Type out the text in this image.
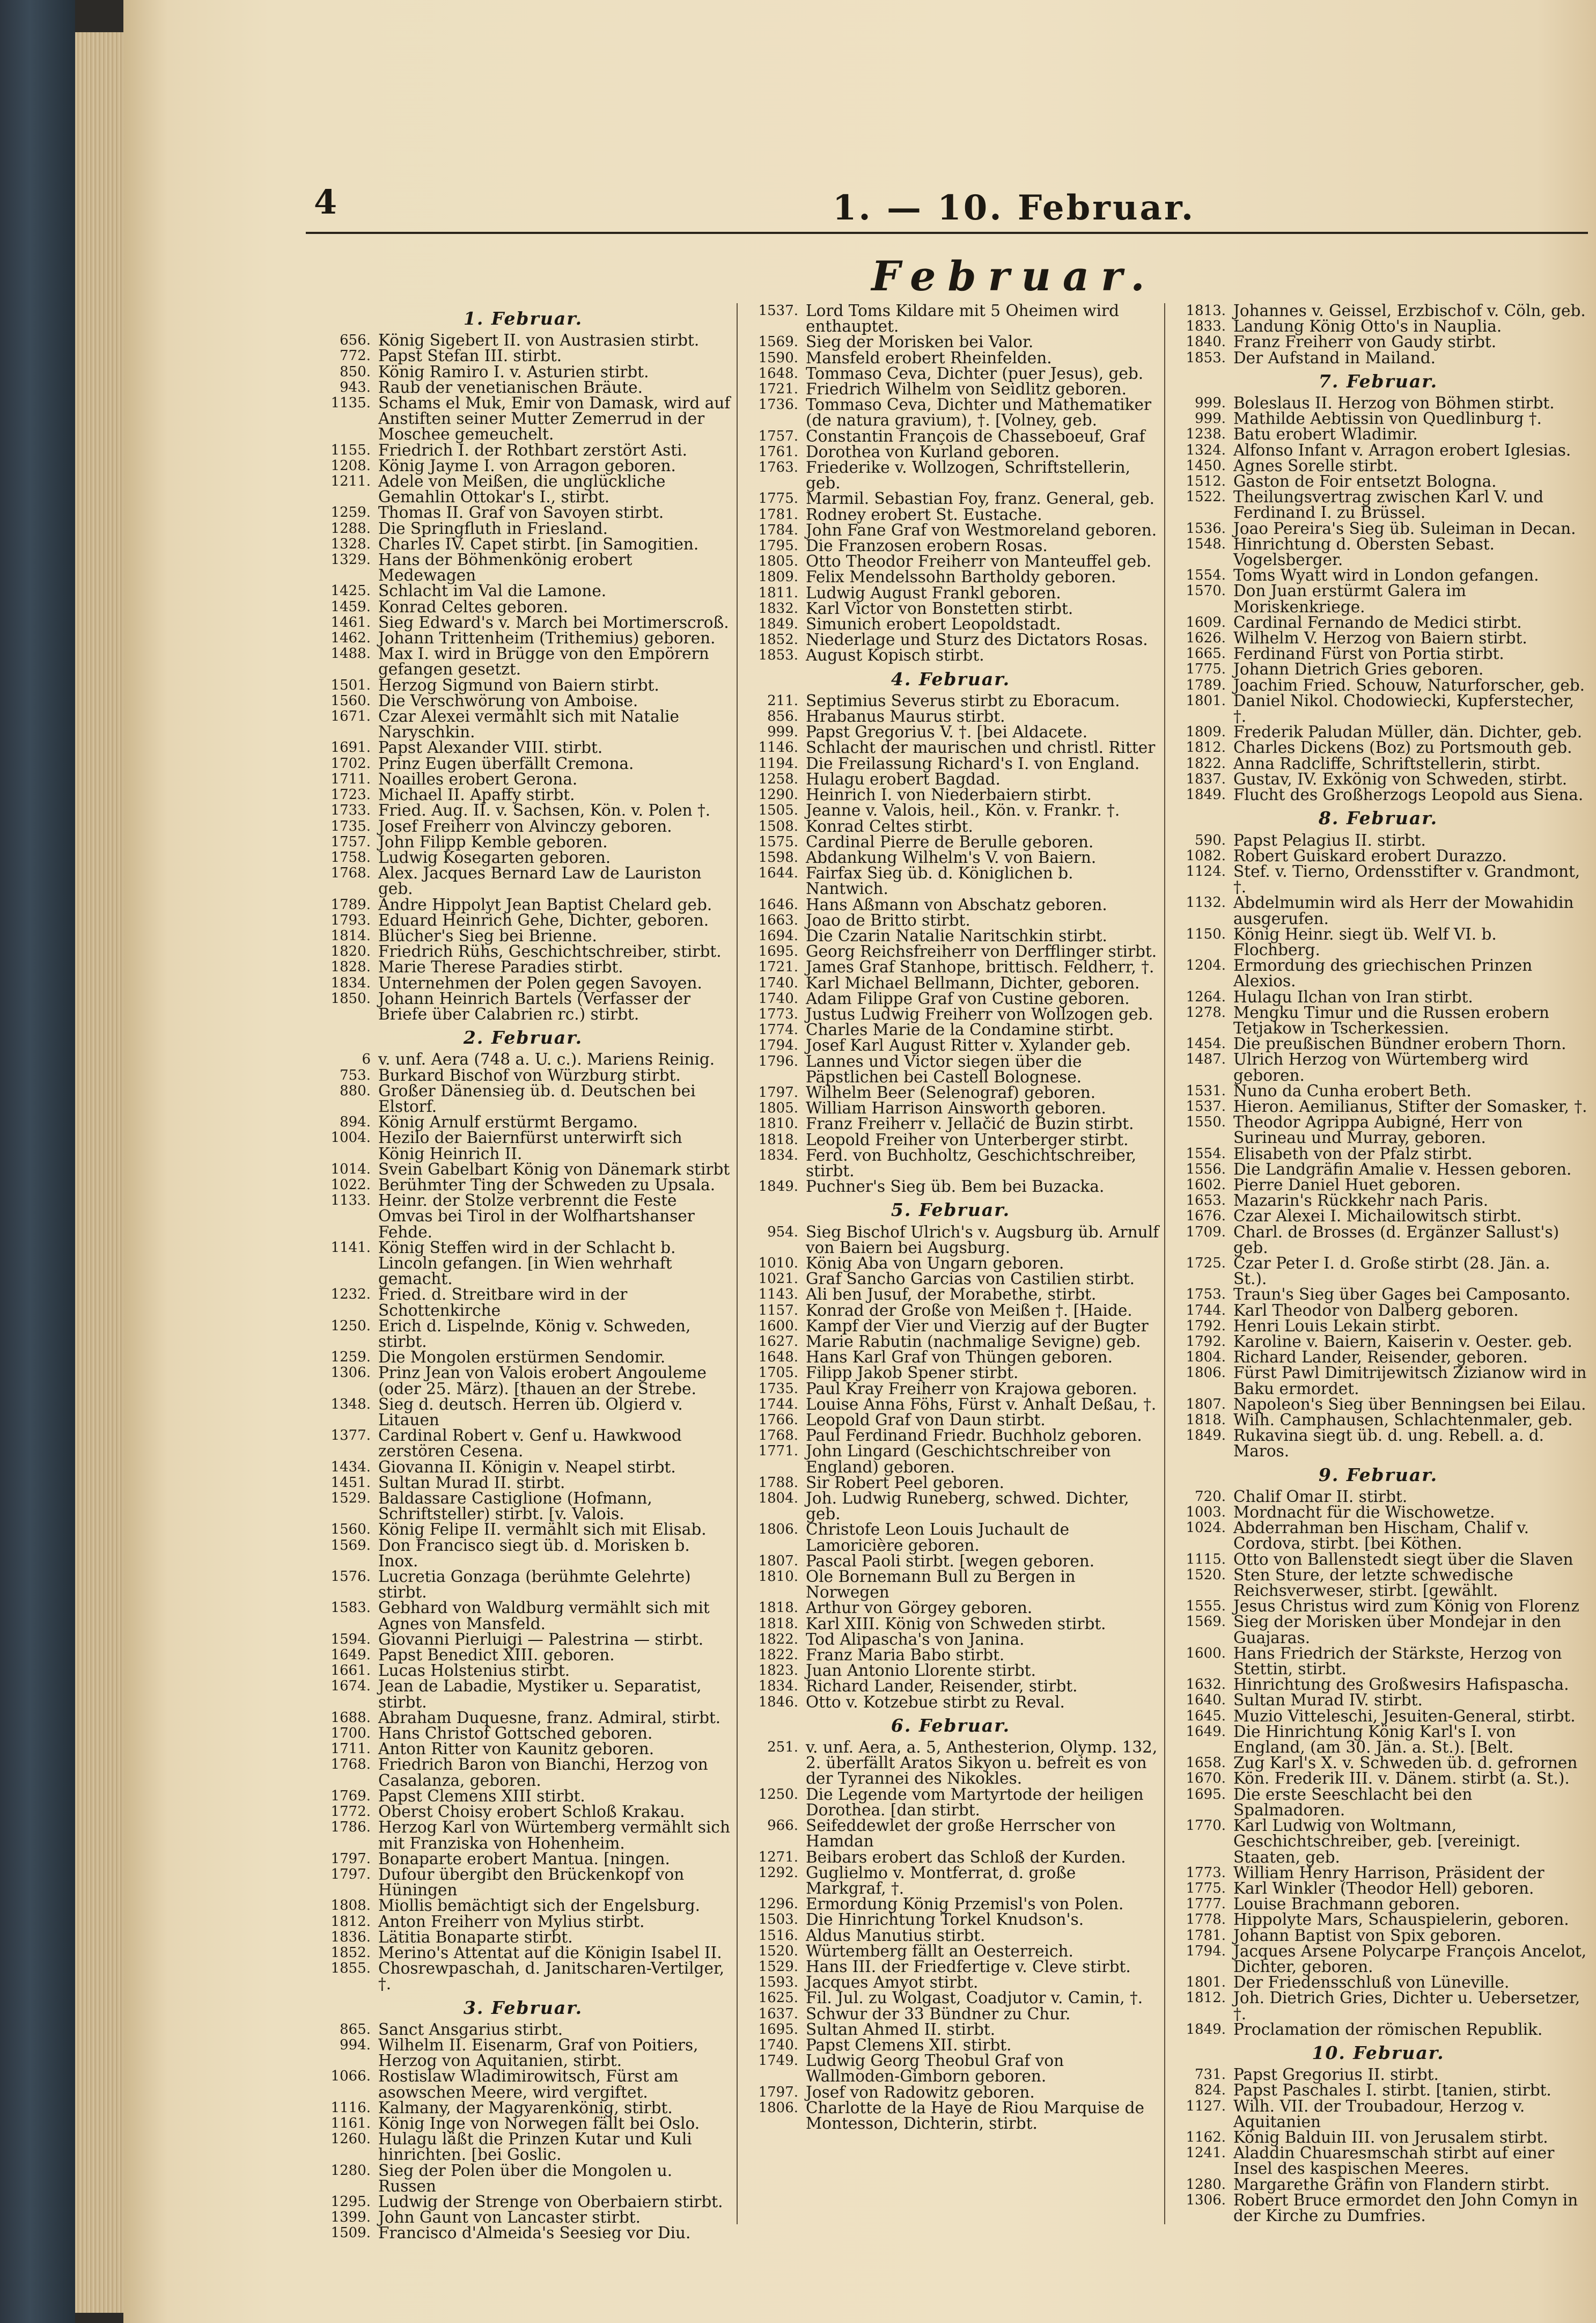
4	1. — 10. Februar.
Februar.
1. Februar.
656. König Sigebert II. von Austrasien stirbt.
772. Papst Stefan III. stirbt.
850. König Ramiro I. v. Asturien stirbt.
943. Raub der venetianischen Bräute.
1135. Schams el Muk, Emir von Damask, wird auf Anstiften seiner Mutter Zemerrud in der Moschee gemeuchelt.
1155. Friedrich I. der Rothbart zerstört Asti.
1208. König Jayme I. von Arragon geboren.
1211. Adele von Meißen, die unglückliche Gemahlin Ottokar's I., stirbt.
1259. Thomas II. Graf von Savoyen stirbt.
1288. Die Springfluth in Friesland.
1328. Charles IV. Capet stirbt. [in Samogitien.
1329. Hans der Böhmenkönig erobert Medewagen
1425. Schlacht im Val die Lamone.
1459. Konrad Celtes geboren.
1461. Sieg Edward's v. March bei Mortimerscroß.
1462. Johann Trittenheim (Trithemius) geboren.
1488. Max I. wird in Brügge von den Empörern gefangen gesetzt.
1501. Herzog Sigmund von Baiern stirbt.
1560. Die Verschwörung von Amboise.
1671. Czar Alexei vermählt sich mit Natalie Naryschkin.
1691. Papst Alexander VIII. stirbt.
1702. Prinz Eugen überfällt Cremona.
1711. Noailles erobert Gerona.
1723. Michael II. Apaffy stirbt.
1733. Fried. Aug. II. v. Sachsen, Kön. v. Polen †.
1735. Josef Freiherr von Alvinczy geboren.
1757. John Filipp Kemble geboren.
1758. Ludwig Kosegarten geboren.
1768. Alex. Jacques Bernard Law de Lauriston geb.
1789. Andre Hippolyt Jean Baptist Chelard geb.
1793. Eduard Heinrich Gehe, Dichter, geboren.
1814. Blücher's Sieg bei Brienne.
1820. Friedrich Rühs, Geschichtschreiber, stirbt.
1828. Marie Therese Paradies stirbt.
1834. Unternehmen der Polen gegen Savoyen.
1850. Johann Heinrich Bartels (Verfasser der Briefe über Calabrien rc.) stirbt.
2. Februar.
6 v. unf. Aera (748 a. U. c.). Mariens Reinig.
753. Burkard Bischof von Würzburg stirbt.
880. Großer Dänensieg üb. d. Deutschen bei Elstorf.
894. König Arnulf erstürmt Bergamo.
1004. Hezilo der Baiernfürst unterwirft sich König Heinrich II.
1014. Svein Gabelbart König von Dänemark stirbt
1022. Berühmter Ting der Schweden zu Upsala.
1133. Heinr. der Stolze verbrennt die Feste Omvas bei Tirol in der Wolfhartshanser Fehde.
1141. König Steffen wird in der Schlacht b. Lincoln gefangen. [in Wien wehrhaft gemacht.
1232. Fried. d. Streitbare wird in der Schottenkirche
1250. Erich d. Lispelnde, König v. Schweden, stirbt.
1259. Die Mongolen erstürmen Sendomir.
1306. Prinz Jean von Valois erobert Angouleme (oder 25. März). [thauen an der Strebe.
1348. Sieg d. deutsch. Herren üb. Olgierd v. Litauen
1377. Cardinal Robert v. Genf u. Hawkwood zerstören Cesena.
1434. Giovanna II. Königin v. Neapel stirbt.
1451. Sultan Murad II. stirbt.
1529. Baldassare Castiglione (Hofmann, Schriftsteller) stirbt. [v. Valois.
1560. König Felipe II. vermählt sich mit Elisab.
1569. Don Francisco siegt üb. d. Morisken b. Inox.
1576. Lucretia Gonzaga (berühmte Gelehrte) stirbt.
1583. Gebhard von Waldburg vermählt sich mit Agnes von Mansfeld.
1594. Giovanni Pierluigi — Palestrina — stirbt.
1649. Papst Benedict XIII. geboren.
1661. Lucas Holstenius stirbt.
1674. Jean de Labadie, Mystiker u. Separatist, stirbt.
1688. Abraham Duquesne, franz. Admiral, stirbt.
1700. Hans Christof Gottsched geboren.
1711. Anton Ritter von Kaunitz geboren.
1768. Friedrich Baron von Bianchi, Herzog von Casalanza, geboren.
1769. Papst Clemens XIII stirbt.
1772. Oberst Choisy erobert Schloß Krakau.
1786. Herzog Karl von Würtemberg vermählt sich mit Franziska von Hohenheim.
1797. Bonaparte erobert Mantua. [ningen.
1797. Dufour übergibt den Brückenkopf von Hüningen
1808. Miollis bemächtigt sich der Engelsburg.
1812. Anton Freiherr von Mylius stirbt.
1836. Lätitia Bonaparte stirbt.
1852. Merino's Attentat auf die Königin Isabel II.
1855. Chosrewpaschah, d. Janitscharen-Vertilger, †.
3. Februar.
865. Sanct Ansgarius stirbt.
994. Wilhelm II. Eisenarm, Graf von Poitiers, Herzog von Aquitanien, stirbt.
1066. Rostislaw Wladimirowitsch, Fürst am asowschen Meere, wird vergiftet.
1116. Kalmany, der Magyarenkönig, stirbt.
1161. König Inge von Norwegen fällt bei Oslo.
1260. Hulagu läßt die Prinzen Kutar und Kuli hinrichten. [bei Goslic.
1280. Sieg der Polen über die Mongolen u. Russen
1295. Ludwig der Strenge von Oberbaiern stirbt.
1399. John Gaunt von Lancaster stirbt.
1509. Francisco d'Almeida's Seesieg vor Diu.
1537. Lord Toms Kildare mit 5 Oheimen wird enthauptet.
1569. Sieg der Morisken bei Valor.
1590. Mansfeld erobert Rheinfelden.
1648. Tommaso Ceva, Dichter (puer Jesus), geb.
1721. Friedrich Wilhelm von Seidlitz geboren.
1736. Tommaso Ceva, Dichter und Mathematiker (de natura gravium), †. [Volney, geb.
1757. Constantin François de Chasseboeuf, Graf
1761. Dorothea von Kurland geboren.
1763. Friederike v. Wollzogen, Schriftstellerin, geb.
1775. Marmil. Sebastian Foy, franz. General, geb.
1781. Rodney erobert St. Eustache.
1784. John Fane Graf von Westmoreland geboren.
1795. Die Franzosen erobern Rosas.
1805. Otto Theodor Freiherr von Manteuffel geb.
1809. Felix Mendelssohn Bartholdy geboren.
1811. Ludwig August Frankl geboren.
1832. Karl Victor von Bonstetten stirbt.
1849. Simunich erobert Leopoldstadt.
1852. Niederlage und Sturz des Dictators Rosas.
1853. August Kopisch stirbt.
4. Februar.
211. Septimius Severus stirbt zu Eboracum.
856. Hrabanus Maurus stirbt.
999. Papst Gregorius V. †. [bei Aldacete.
1146. Schlacht der maurischen und christl. Ritter
1194. Die Freilassung Richard's I. von England.
1258. Hulagu erobert Bagdad.
1290. Heinrich I. von Niederbaiern stirbt.
1505. Jeanne v. Valois, heil., Kön. v. Frankr. †.
1508. Konrad Celtes stirbt.
1575. Cardinal Pierre de Berulle geboren.
1598. Abdankung Wilhelm's V. von Baiern.
1644. Fairfax Sieg üb. d. Königlichen b. Nantwich.
1646. Hans Aßmann von Abschatz geboren.
1663. Joao de Britto stirbt.
1694. Die Czarin Natalie Naritschkin stirbt.
1695. Georg Reichsfreiherr von Derfflinger stirbt.
1721. James Graf Stanhope, brittisch. Feldherr, †.
1740. Karl Michael Bellmann, Dichter, geboren.
1740. Adam Filippe Graf von Custine geboren.
1773. Justus Ludwig Freiherr von Wollzogen geb.
1774. Charles Marie de la Condamine stirbt.
1794. Josef Karl August Ritter v. Xylander geb.
1796. Lannes und Victor siegen über die Päpstlichen bei Castell Bolognese.
1797. Wilhelm Beer (Selenograf) geboren.
1805. William Harrison Ainsworth geboren.
1810. Franz Freiherr v. Jellačić de Buzin stirbt.
1818. Leopold Freiher von Unterberger stirbt.
1834. Ferd. von Buchholtz, Geschichtschreiber, stirbt.
1849. Puchner's Sieg üb. Bem bei Buzacka.
5. Februar.
954. Sieg Bischof Ulrich's v. Augsburg üb. Arnulf von Baiern bei Augsburg.
1010. König Aba von Ungarn geboren.
1021. Graf Sancho Garcias von Castilien stirbt.
1143. Ali ben Jusuf, der Morabethe, stirbt.
1157. Konrad der Große von Meißen †. [Haide.
1600. Kampf der Vier und Vierzig auf der Bugter
1627. Marie Rabutin (nachmalige Sevigne) geb.
1648. Hans Karl Graf von Thüngen geboren.
1705. Filipp Jakob Spener stirbt.
1735. Paul Kray Freiherr von Krajowa geboren.
1744. Louise Anna Föhs, Fürst v. Anhalt Deßau, †.
1766. Leopold Graf von Daun stirbt.
1768. Paul Ferdinand Friedr. Buchholz geboren.
1771. John Lingard (Geschichtschreiber von England) geboren.
1788. Sir Robert Peel geboren.
1804. Joh. Ludwig Runeberg, schwed. Dichter, geb.
1806. Christofe Leon Louis Juchault de Lamoricière geboren.
1807. Pascal Paoli stirbt. [wegen geboren.
1810. Ole Bornemann Bull zu Bergen in Norwegen
1818. Arthur von Görgey geboren.
1818. Karl XIII. König von Schweden stirbt.
1822. Tod Alipascha's von Janina.
1822. Franz Maria Babo stirbt.
1823. Juan Antonio Llorente stirbt.
1834. Richard Lander, Reisender, stirbt.
1846. Otto v. Kotzebue stirbt zu Reval.
6. Februar.
251. v. unf. Aera, a. 5, Anthesterion, Olymp. 132, 2. überfällt Aratos Sikyon u. befreit es von der Tyrannei des Nikokles.
1250. Die Legende vom Martyrtode der heiligen Dorothea. [dan stirbt.
966. Seifeddewlet der große Herrscher von Hamdan
1271. Beibars erobert das Schloß der Kurden.
1292. Guglielmo v. Montferrat, d. große Markgraf, †.
1296. Ermordung König Przemisl's von Polen.
1503. Die Hinrichtung Torkel Knudson's.
1516. Aldus Manutius stirbt.
1520. Würtemberg fällt an Oesterreich.
1529. Hans III. der Friedfertige v. Cleve stirbt.
1593. Jacques Amyot stirbt.
1625. Fil. Jul. zu Wolgast, Coadjutor v. Camin, †.
1637. Schwur der 33 Bündner zu Chur.
1695. Sultan Ahmed II. stirbt.
1740. Papst Clemens XII. stirbt.
1749. Ludwig Georg Theobul Graf von Wallmoden-Gimborn geboren.
1797. Josef von Radowitz geboren.
1806. Charlotte de la Haye de Riou Marquise de Montesson, Dichterin, stirbt.
1813. Johannes v. Geissel, Erzbischof v. Cöln, geb.
1833. Landung König Otto's in Nauplia.
1840. Franz Freiherr von Gaudy stirbt.
1853. Der Aufstand in Mailand.
7. Februar.
999. Boleslaus II. Herzog von Böhmen stirbt.
999. Mathilde Aebtissin von Quedlinburg †.
1238. Batu erobert Wladimir.
1324. Alfonso Infant v. Arragon erobert Iglesias.
1450. Agnes Sorelle stirbt.
1512. Gaston de Foir entsetzt Bologna.
1522. Theilungsvertrag zwischen Karl V. und Ferdinand I. zu Brüssel.
1536. Joao Pereira's Sieg üb. Suleiman in Decan.
1548. Hinrichtung d. Obersten Sebast. Vogelsberger.
1554. Toms Wyatt wird in London gefangen.
1570. Don Juan erstürmt Galera im Moriskenkriege.
1609. Cardinal Fernando de Medici stirbt.
1626. Wilhelm V. Herzog von Baiern stirbt.
1665. Ferdinand Fürst von Portia stirbt.
1775. Johann Dietrich Gries geboren.
1789. Joachim Fried. Schouw, Naturforscher, geb.
1801. Daniel Nikol. Chodowiecki, Kupferstecher, †.
1809. Frederik Paludan Müller, dän. Dichter, geb.
1812. Charles Dickens (Boz) zu Portsmouth geb.
1822. Anna Radcliffe, Schriftstellerin, stirbt.
1837. Gustav, IV. Exkönig von Schweden, stirbt.
1849. Flucht des Großherzogs Leopold aus Siena.
8. Februar.
590. Papst Pelagius II. stirbt.
1082. Robert Guiskard erobert Durazzo.
1124. Stef. v. Tierno, Ordensstifter v. Grandmont, †.
1132. Abdelmumin wird als Herr der Mowahidin ausgerufen.
1150. König Heinr. siegt üb. Welf VI. b. Flochberg.
1204. Ermordung des griechischen Prinzen Alexios.
1264. Hulagu Ilchan von Iran stirbt.
1278. Mengku Timur und die Russen erobern Tetjakow in Tscherkessien.
1454. Die preußischen Bündner erobern Thorn.
1487. Ulrich Herzog von Würtemberg wird geboren.
1531. Nuno da Cunha erobert Beth.
1537. Hieron. Aemilianus, Stifter der Somasker, †.
1550. Theodor Agrippa Aubigné, Herr von Surineau und Murray, geboren.
1554. Elisabeth von der Pfalz stirbt.
1556. Die Landgräfin Amalie v. Hessen geboren.
1602. Pierre Daniel Huet geboren.
1653. Mazarin's Rückkehr nach Paris.
1676. Czar Alexei I. Michailowitsch stirbt.
1709. Charl. de Brosses (d. Ergänzer Sallust's) geb.
1725. Czar Peter I. d. Große stirbt (28. Jän. a. St.).
1753. Traun's Sieg über Gages bei Camposanto.
1744. Karl Theodor von Dalberg geboren.
1792. Henri Louis Lekain stirbt.
1792. Karoline v. Baiern, Kaiserin v. Oester. geb.
1804. Richard Lander, Reisender, geboren.
1806. Fürst Pawl Dimitrijewitsch Zizianow wird in Baku ermordet.
1807. Napoleon's Sieg über Benningsen bei Eilau.
1818. Wilh. Camphausen, Schlachtenmaler, geb.
1849. Rukavina siegt üb. d. ung. Rebell. a. d. Maros.
9. Februar.
720. Chalif Omar II. stirbt.
1003. Mordnacht für die Wischowetze.
1024. Abderrahman ben Hischam, Chalif v. Cordova, stirbt. [bei Köthen.
1115. Otto von Ballenstedt siegt über die Slaven
1520. Sten Sture, der letzte schwedische Reichsverweser, stirbt. [gewählt.
1555. Jesus Christus wird zum König von Florenz
1569. Sieg der Morisken über Mondejar in den Guajaras.
1600. Hans Friedrich der Stärkste, Herzog von Stettin, stirbt.
1632. Hinrichtung des Großwesirs Hafispascha.
1640. Sultan Murad IV. stirbt.
1645. Muzio Vitteleschi, Jesuiten-General, stirbt.
1649. Die Hinrichtung König Karl's I. von England, (am 30. Jän. a. St.). [Belt.
1658. Zug Karl's X. v. Schweden üb. d. gefrornen
1670. Kön. Frederik III. v. Dänem. stirbt (a. St.).
1695. Die erste Seeschlacht bei den Spalmadoren.
1770. Karl Ludwig von Woltmann, Geschichtschreiber, geb. [vereinigt. Staaten, geb.
1773. William Henry Harrison, Präsident der
1775. Karl Winkler (Theodor Hell) geboren.
1777. Louise Brachmann geboren.
1778. Hippolyte Mars, Schauspielerin, geboren.
1781. Johann Baptist von Spix geboren.
1794. Jacques Arsene Polycarpe François Ancelot, Dichter, geboren.
1801. Der Friedensschluß von Lüneville.
1812. Joh. Dietrich Gries, Dichter u. Uebersetzer, †.
1849. Proclamation der römischen Republik.
10. Februar.
731. Papst Gregorius II. stirbt.
824. Papst Paschales I. stirbt. [tanien, stirbt.
1127. Wilh. VII. der Troubadour, Herzog v. Aquitanien
1162. König Balduin III. von Jerusalem stirbt.
1241. Aladdin Chuaresmschah stirbt auf einer Insel des kaspischen Meeres.
1280. Margarethe Gräfin von Flandern stirbt.
1306. Robert Bruce ermordet den John Comyn in der Kirche zu Dumfries.
